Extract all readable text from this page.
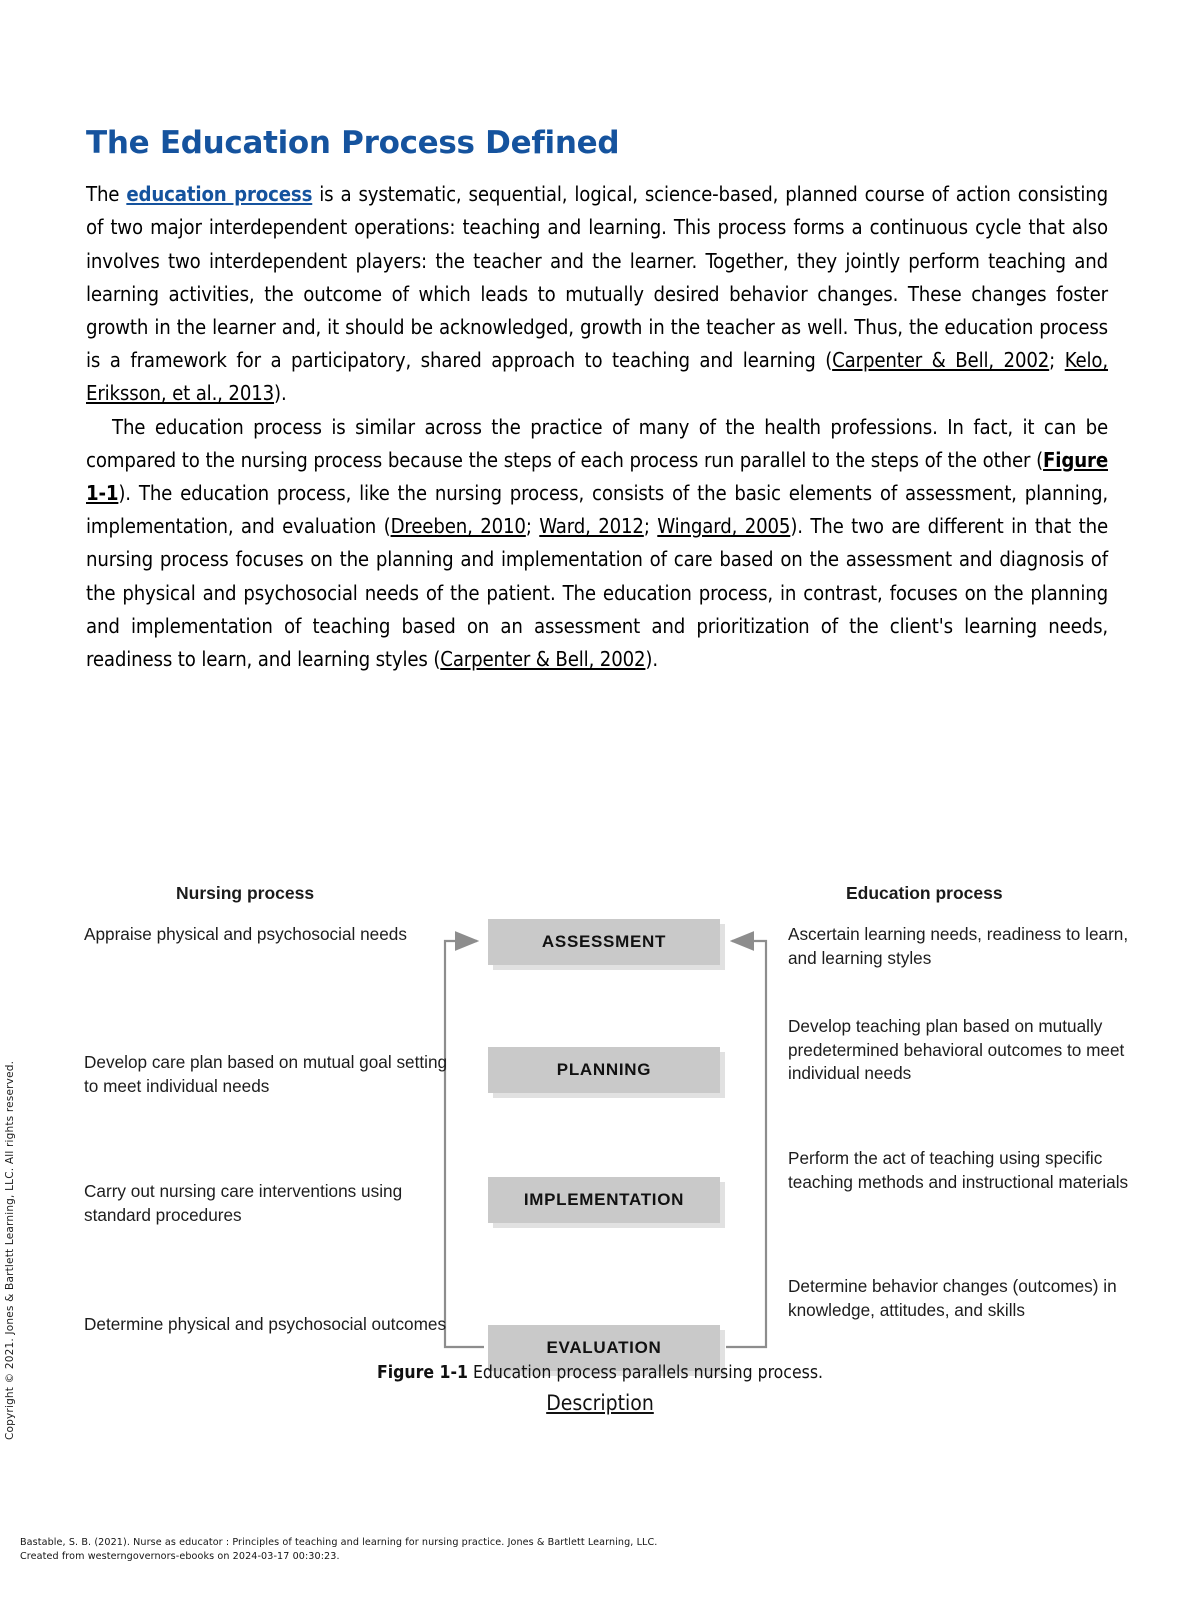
Copyright © 2021. Jones & Bartlett Learning, LLC. All rights reserved.
The Education Process Defined

The education process is a systematic, sequential, logical, science-based, planned course of action consisting of two major interdependent operations: teaching and learning. This process forms a continuous cycle that also involves two interdependent players: the teacher and the learner. Together, they jointly perform teaching and learning activities, the outcome of which leads to mutually desired behavior changes. These changes foster growth in the learner and, it should be acknowledged, growth in the teacher as well. Thus, the education process is a framework for a participatory, shared approach to teaching and learning (Carpenter & Bell, 2002; Kelo, Eriksson, et al., 2013).

The education process is similar across the practice of many of the health professions. In fact, it can be compared to the nursing process because the steps of each process run parallel to the steps of the other (Figure 1-1). The education process, like the nursing process, consists of the basic elements of assessment, planning, implementation, and evaluation (Dreeben, 2010; Ward, 2012; Wingard, 2005). The two are different in that the nursing process focuses on the planning and implementation of care based on the assessment and diagnosis of the physical and psychosocial needs of the patient. The education process, in contrast, focuses on the planning and implementation of teaching based on an assessment and prioritization of the client's learning needs, readiness to learn, and learning styles (Carpenter & Bell, 2002).

Nursing process	Education process
ASSESSMENT
PLANNING
IMPLEMENTATION
EVALUATION
Appraise physical and psychosocial needs
Develop care plan based on mutual goal setting to meet individual needs
Carry out nursing care interventions using standard procedures
Determine physical and psychosocial outcomes
Ascertain learning needs, readiness to learn, and learning styles
Develop teaching plan based on mutually predetermined behavioral outcomes to meet individual needs
Perform the act of teaching using specific teaching methods and instructional materials
Determine behavior changes (outcomes) in knowledge, attitudes, and skills
Figure 1-1 Education process parallels nursing process.
Description
Bastable, S. B. (2021). Nurse as educator : Principles of teaching and learning for nursing practice. Jones & Bartlett Learning, LLC.
Created from westerngovernors-ebooks on 2024-03-17 00:30:23.
